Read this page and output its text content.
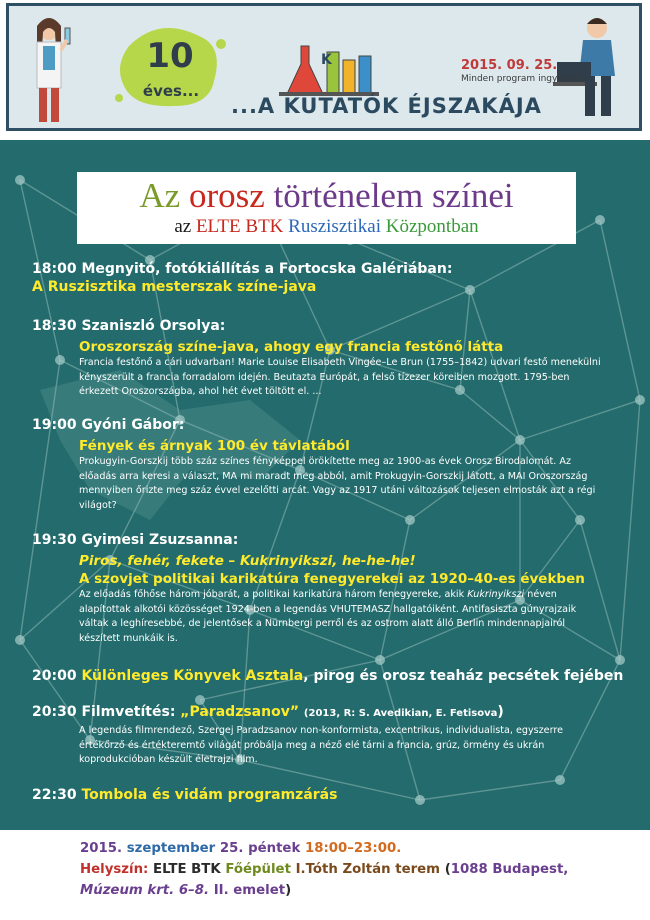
K
10
éves...
...A KUTATÓK ÉJSZAKÁJA
2015. 09. 25.
Minden program ingyenes!
Az orosz történelem színei
az ELTE BTK Ruszisztikai Központban
18:00 Megnyitó, fotókiállítás a Fortocska Galériában:
A Ruszisztika mesterszak színe-java
18:30 Szaniszló Orsolya:
Oroszország színe-java, ahogy egy francia festőnő látta
Francia festőnő a cári udvarban! Marie Louise Elisabeth Vingée–Le Brun (1755–1842) udvari festő menekülni kényszerült a francia forradalom idején. Beutazta Európát, a felső tízezer köreiben mozgott. 1795-ben érkezett Oroszországba, ahol hét évet töltött el. ...
19:00 Gyóni Gábor:
Fények és árnyak 100 év távlatából
Prokugyin-Gorszkij több száz színes fényképpel örökítette meg az 1900-as évek Orosz Birodalomát. Az előadás arra keresi a választ, MA mi maradt meg abból, amit Prokugyin-Gorszkij látott, a MAI Oroszország mennyiben őrizte meg száz évvel ezelőtti arcát. Vagy az 1917 utáni változások teljesen elmosták azt a régi világot?
19:30 Gyimesi Zsuzsanna:
Piros, fehér, fekete – Kukrinyikszi, he-he-he!
A szovjet politikai karikatúra fenegyerekei az 1920–40-es években
Az előadás főhőse három jóbarát, a politikai karikatúra három fenegyereke, akik Kukrinyikszi néven alapítottak alkotói közösséget 1924-ben a legendás VHUTEMASZ hallgatóiként. Antifasiszta gúnyrajzaik váltak a leghíresebbé, de jelentősek a Nürnbergi perről és az ostrom alatt álló Berlin mindennapjairól készített munkáik is.
20:00 Különleges Könyvek Asztala, pirog és orosz teaház pecsétek fejében
20:30 Filmvetítés: „Paradzsanov” (2013, R: S. Avedikian, E. Fetisova)
A legendás filmrendező, Szergej Paradzsanov non-konformista, excentrikus, individualista, egyszerre értékőrző és értékteremtő világát próbálja meg a néző elé tárni a francia, grúz, örmény és ukrán koprodukcióban készült életrajzi film.
22:30 Tombola és vidám programzárás
2015. szeptember 25. péntek 18:00–23:00.
Helyszín: ELTE BTK Főépület I.Tóth Zoltán terem (1088 Budapest,
Múzeum krt. 6–8. II. emelet)
